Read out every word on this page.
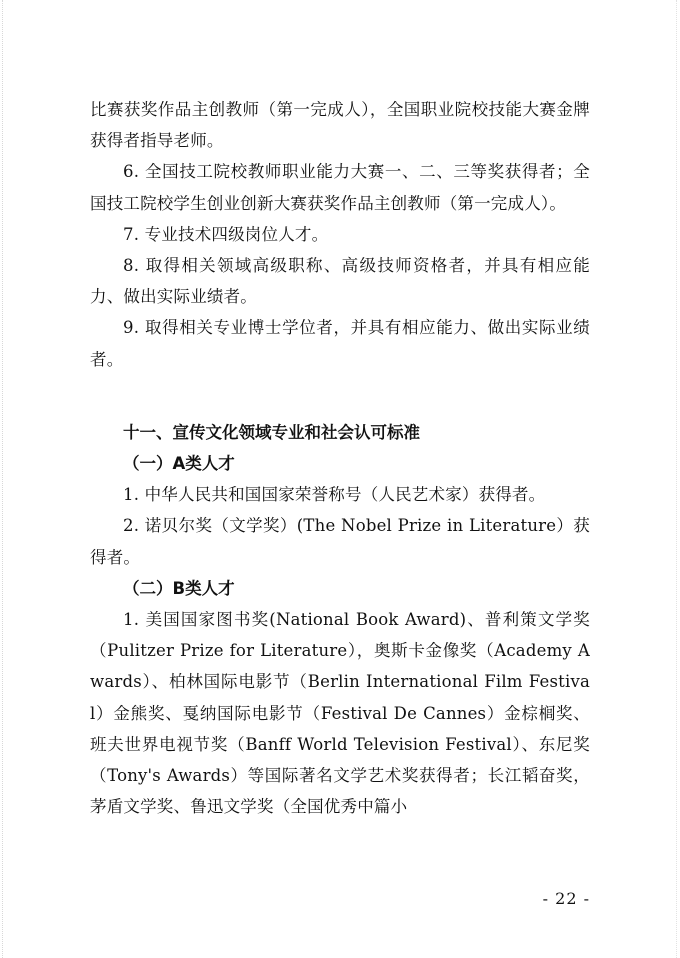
比赛获奖作品主创教师（第一完成人），全国职业院校技能大赛金牌获得者指导老师。

6. 全国技工院校教师职业能力大赛一、二、三等奖获得者；全国技工院校学生创业创新大赛获奖作品主创教师（第一完成人）。

7. 专业技术四级岗位人才。

8. 取得相关领域高级职称、高级技师资格者，并具有相应能力、做出实际业绩者。

9. 取得相关专业博士学位者，并具有相应能力、做出实际业绩者。

十一、宣传文化领域专业和社会认可标准

（一）A类人才

1. 中华人民共和国国家荣誉称号（人民艺术家）获得者。

2. 诺贝尔奖（文学奖）(The Nobel Prize in Literature）获得者。

（二）B类人才

1. 美国国家图书奖(National Book Award)、普利策文学奖（Pulitzer Prize for Literature），奥斯卡金像奖（Academy Awards）、柏林国际电影节（Berlin International Film Festival）金熊奖、戛纳国际电影节（Festival De Cannes）金棕榈奖、班夫世界电视节奖（Banff World Television Festival）、东尼奖（Tony's Awards）等国际著名文学艺术奖获得者；长江韬奋奖，茅盾文学奖、鲁迅文学奖（全国优秀中篇小

- 22 -
